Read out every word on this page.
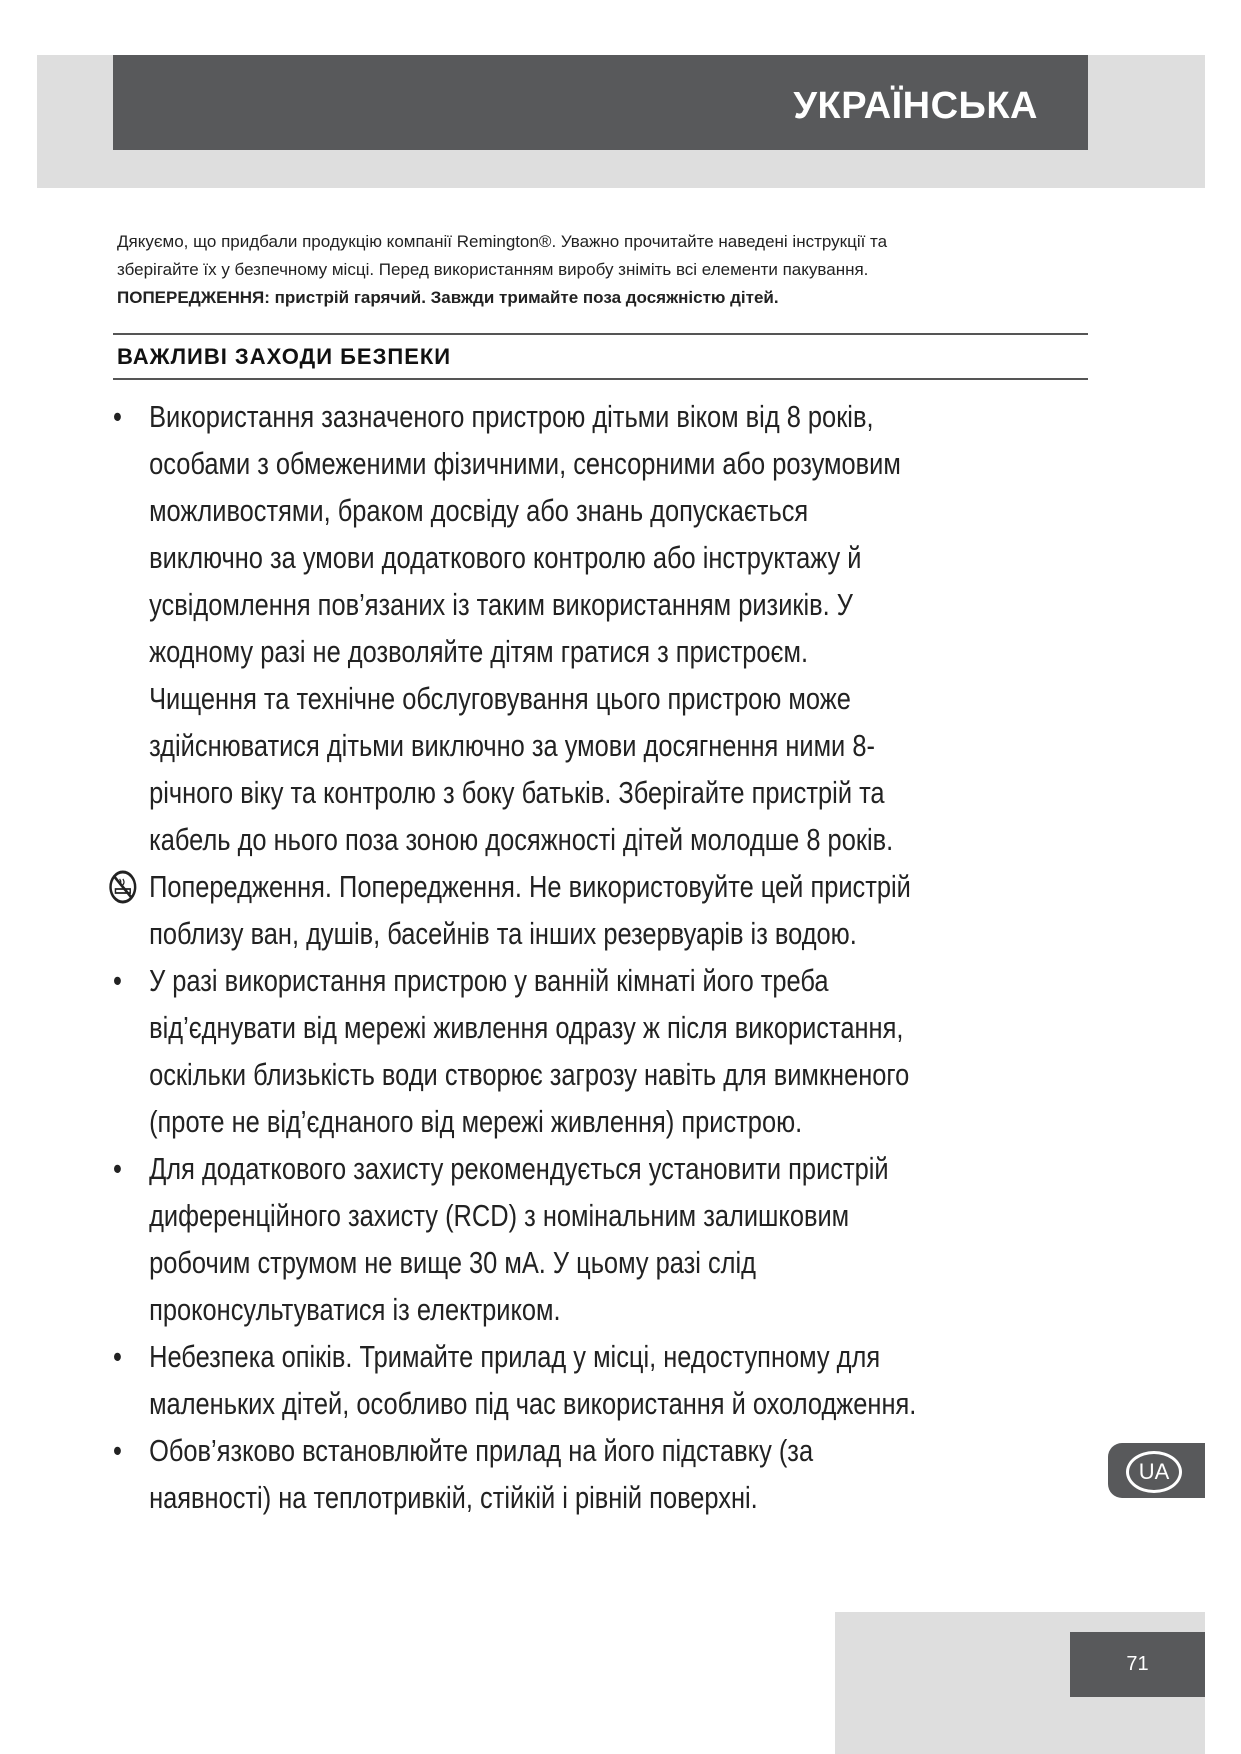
УКРАЇНСЬКА

Дякуємо, що придбали продукцію компанії Remington®. Уважно прочитайте наведені інструкції та

зберігайте їх у безпечному місці. Перед використанням виробу зніміть всі елементи пакування.

ПОПЕРЕДЖЕННЯ: пристрій гарячий. Завжди тримайте поза досяжністю дітей.

ВАЖЛИВІ ЗАХОДИ БЕЗПЕКИ
• Використання зазначеного пристрою дітьми віком від 8 років, особами з обмеженими фізичними, сенсорними або розумовим можливостями, браком досвіду або знань допускається виключно за умови додаткового контролю або інструктажу й усвідомлення пов’язаних із таким використанням ризиків. У жодному разі не дозволяйте дітям гратися з пристроєм. Чищення та технічне обслуговування цього пристрою може здійснюватися дітьми виключно за умови досягнення ними 8-річного віку та контролю з боку батьків. Зберігайте пристрій та кабель до нього поза зоною досяжності дітей молодше 8 років.
Попередження. Попередження. Не використовуйте цей пристрій поблизу ван, душів, басейнів та інших резервуарів із водою.
• У разі використання пристрою у ванній кімнаті його треба від’єднувати від мережі живлення одразу ж після використання, оскільки близькість води створює загрозу навіть для вимкненого (проте не від’єднаного від мережі живлення) пристрою.
• Для додаткового захисту рекомендується установити пристрій диференційного захисту (RCD) з номінальним залишковим робочим струмом не вище 30 мА. У цьому разі слід проконсультуватися із електриком.
• Небезпека опіків. Тримайте прилад у місці, недоступному для маленьких дітей, особливо під час використання й охолодження.
• Обов’язково встановлюйте прилад на його підставку (за наявності) на теплотривкій, стійкій і рівній поверхні.
UA
71
